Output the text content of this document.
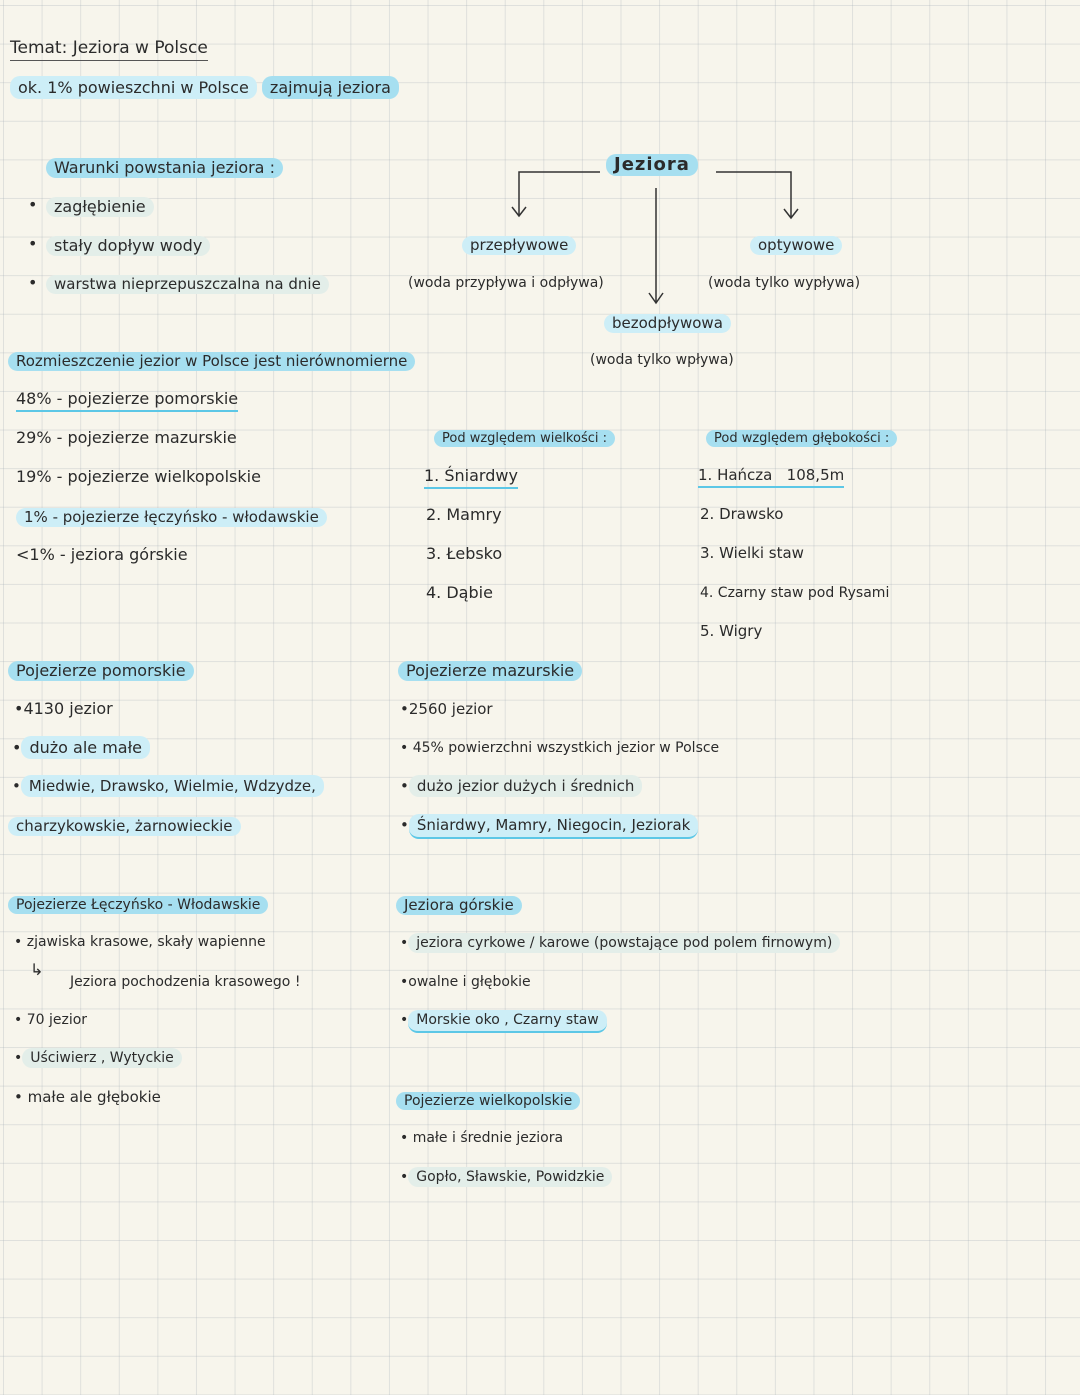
Temat: Jeziora w Polsce
ok. 1% powieszchni w Polsce zajmują jeziora
Warunki powstania jeziora :
•	zagłębienie
•	stały dopływ wody
•	warstwa nieprzepuszczalna na dnie
Jeziora
przepływowe
(woda przypływa i odpływa)
optywowe
(woda tylko wypływa)
bezodpływowa
(woda tylko wpływa)
Rozmieszczenie jezior w Polsce jest nierównomierne
48% - pojezierze pomorskie
29% - pojezierze mazurskie
19% - pojezierze wielkopolskie
1% - pojezierze łęczyńsko - włodawskie
<1% - jeziora górskie
Pod względem wielkości :
1. Śniardwy
2. Mamry
3. Łebsko
4. Dąbie
Pod względem głębokości :
1. Hańcza   108,5m
2. Drawsko
3. Wielki staw
4. Czarny staw pod Rysami
5. Wigry
Pojezierze pomorskie
•4130 jezior
• dużo ale małe
• Miedwie, Drawsko, Wielmie, Wdzydze,
charzykowskie, żarnowieckie
Pojezierze mazurskie
•2560 jezior
• 45% powierzchni wszystkich jezior w Polsce
• dużo jezior dużych i średnich
• Śniardwy, Mamry, Niegocin, Jeziorak
Pojezierze Łęczyńsko - Włodawskie
• zjawiska krasowe, skały wapienne
↳
Jeziora pochodzenia krasowego !
• 70 jezior
• Uściwierz , Wytyckie
• małe ale głębokie
Jeziora górskie
• jeziora cyrkowe / karowe (powstające pod polem firnowym)
•owalne i głębokie
• Morskie oko , Czarny staw
Pojezierze wielkopolskie
• małe i średnie jeziora
• Gopło, Sławskie, Powidzkie
